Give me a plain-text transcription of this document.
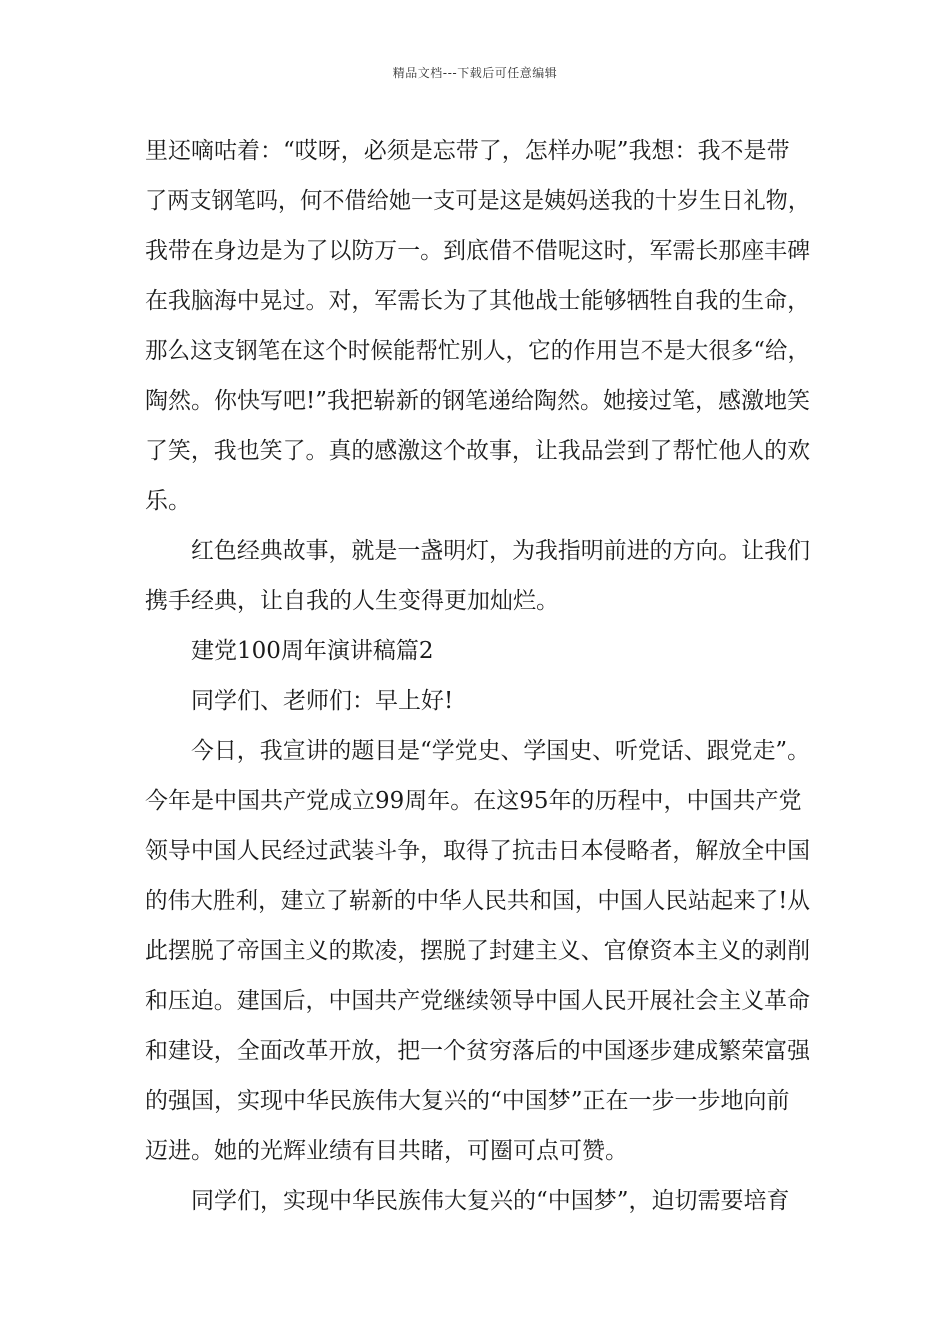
精品文档---下载后可任意编辑
里还嘀咕着：“哎呀，必须是忘带了，怎样办呢”我想：我不是带
了两支钢笔吗，何不借给她一支可是这是姨妈送我的十岁生日礼物，
我带在身边是为了以防万一。到底借不借呢这时，军需长那座丰碑
在我脑海中晃过。对，军需长为了其他战士能够牺牲自我的生命，
那么这支钢笔在这个时候能帮忙别人，它的作用岂不是大很多“给，
陶然。你快写吧!”我把崭新的钢笔递给陶然。她接过笔，感激地笑
了笑，我也笑了。真的感激这个故事，让我品尝到了帮忙他人的欢
乐。
红色经典故事，就是一盏明灯，为我指明前进的方向。让我们
携手经典，让自我的人生变得更加灿烂。
建党100周年演讲稿篇2
同学们、老师们：早上好!
今日，我宣讲的题目是“学党史、学国史、听党话、跟党走”。
今年是中国共产党成立99周年。在这95年的历程中，中国共产党
领导中国人民经过武装斗争，取得了抗击日本侵略者，解放全中国
的伟大胜利，建立了崭新的中华人民共和国，中国人民站起来了!从
此摆脱了帝国主义的欺凌，摆脱了封建主义、官僚资本主义的剥削
和压迫。建国后，中国共产党继续领导中国人民开展社会主义革命
和建设，全面改革开放，把一个贫穷落后的中国逐步建成繁荣富强
的强国，实现中华民族伟大复兴的“中国梦”正在一步一步地向前
迈进。她的光辉业绩有目共睹，可圈可点可赞。
同学们，实现中华民族伟大复兴的“中国梦”，迫切需要培育
